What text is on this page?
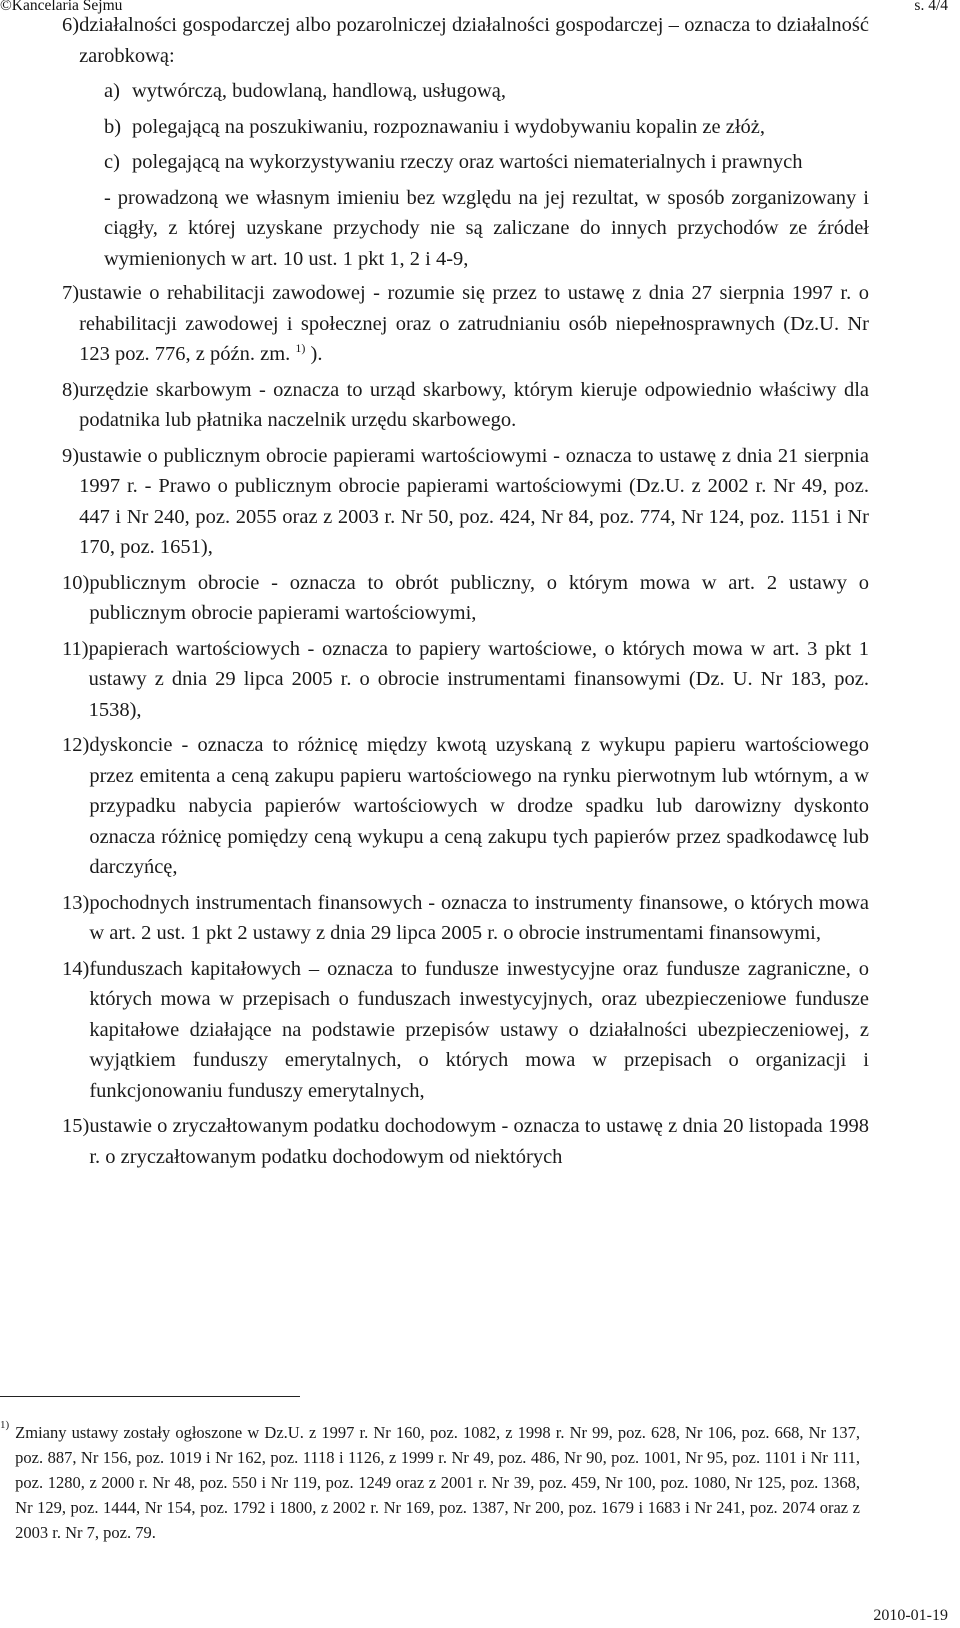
©Kancelaria Sejmu	s. 4/4
6) działalności gospodarczej albo pozarolniczej działalności gospodarczej – oznacza to działalność zarobkową:
a) wytwórczą, budowlaną, handlową, usługową,
b) polegającą na poszukiwaniu, rozpoznawaniu i wydobywaniu kopalin ze złóż,
c) polegającą na wykorzystywaniu rzeczy oraz wartości niematerialnych i prawnych
- prowadzoną we własnym imieniu bez względu na jej rezultat, w sposób zorganizowany i ciągły, z której uzyskane przychody nie są zaliczane do innych przychodów ze źródeł wymienionych w art. 10 ust. 1 pkt 1, 2 i 4-9,
7) ustawie o rehabilitacji zawodowej - rozumie się przez to ustawę z dnia 27 sierpnia 1997 r. o rehabilitacji zawodowej i społecznej oraz o zatrudnianiu osób niepełnosprawnych (Dz.U. Nr 123 poz. 776, z późn. zm. $^{1)}$ ).
8) urzędzie skarbowym - oznacza to urząd skarbowy, którym kieruje odpowiednio właściwy dla podatnika lub płatnika naczelnik urzędu skarbowego.
9) ustawie o publicznym obrocie papierami wartościowymi - oznacza to ustawę z dnia 21 sierpnia 1997 r. - Prawo o publicznym obrocie papierami wartościowymi (Dz.U. z 2002 r. Nr 49, poz. 447 i Nr 240, poz. 2055 oraz z 2003 r. Nr 50, poz. 424, Nr 84, poz. 774, Nr 124, poz. 1151 i Nr 170, poz. 1651),
10) publicznym obrocie - oznacza to obrót publiczny, o którym mowa w art. 2 ustawy o publicznym obrocie papierami wartościowymi,
11) papierach wartościowych - oznacza to papiery wartościowe, o których mowa w art. 3 pkt 1 ustawy z dnia 29 lipca 2005 r. o obrocie instrumentami finansowymi (Dz. U. Nr 183, poz. 1538),
12) dyskoncie - oznacza to różnicę między kwotą uzyskaną z wykupu papieru wartościowego przez emitenta a ceną zakupu papieru wartościowego na rynku pierwotnym lub wtórnym, a w przypadku nabycia papierów wartościowych w drodze spadku lub darowizny dyskonto oznacza różnicę pomiędzy ceną wykupu a ceną zakupu tych papierów przez spadkodawcę lub darczyńcę,
13) pochodnych instrumentach finansowych - oznacza to instrumenty finansowe, o których mowa w art. 2 ust. 1 pkt 2 ustawy z dnia 29 lipca 2005 r. o obrocie instrumentami finansowymi,
14) funduszach kapitałowych – oznacza to fundusze inwestycyjne oraz fundusze zagraniczne, o których mowa w przepisach o funduszach inwestycyjnych, oraz ubezpieczeniowe fundusze kapitałowe działające na podstawie przepisów ustawy o działalności ubezpieczeniowej, z wyjątkiem funduszy emerytalnych, o których mowa w przepisach o organizacji i funkcjonowaniu funduszy emerytalnych,
15) ustawie o zryczałtowanym podatku dochodowym - oznacza to ustawę z dnia 20 listopada 1998 r. o zryczałtowanym podatku dochodowym od niektórych
1) Zmiany ustawy zostały ogłoszone w Dz.U. z 1997 r. Nr 160, poz. 1082, z 1998 r. Nr 99, poz. 628, Nr 106, poz. 668, Nr 137, poz. 887, Nr 156, poz. 1019 i Nr 162, poz. 1118 i 1126, z 1999 r. Nr 49, poz. 486, Nr 90, poz. 1001, Nr 95, poz. 1101 i Nr 111, poz. 1280, z 2000 r. Nr 48, poz. 550 i Nr 119, poz. 1249 oraz z 2001 r. Nr 39, poz. 459, Nr 100, poz. 1080, Nr 125, poz. 1368, Nr 129, poz. 1444, Nr 154, poz. 1792 i 1800, z 2002 r. Nr 169, poz. 1387, Nr 200, poz. 1679 i 1683 i Nr 241, poz. 2074 oraz z 2003 r. Nr 7, poz. 79.
2010-01-19
